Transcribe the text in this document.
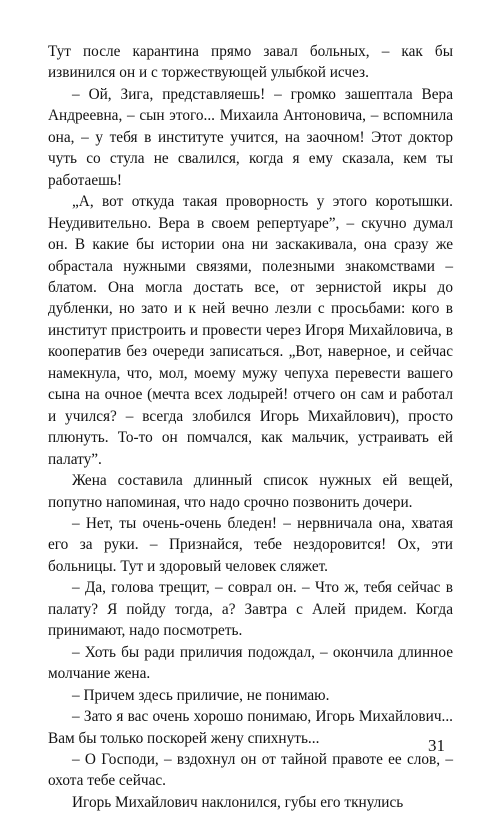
Тут после карантина прямо завал больных, – как бы извинился он и с торжествующей улыбкой исчез.

– Ой, Зига, представляешь! – громко зашептала Вера Андреевна, – сын этого... Михаила Антоновича, – вспомнила она, – у тебя в институте учится, на заочном! Этот доктор чуть со стула не свалился, когда я ему сказала, кем ты работаешь!

„А, вот откуда такая проворность у этого коротышки. Неудивительно. Вера в своем репертуаре”, – скучно думал он. В какие бы истории она ни заскакивала, она сразу же обрастала нужными связями, полезными знакомствами – блатом. Она могла достать все, от зернистой икры до дубленки, но зато и к ней вечно лезли с просьбами: кого в институт пристроить и провести через Игоря Михайловича, в кооператив без очереди записаться. „Вот, наверное, и сейчас намекнула, что, мол, моему мужу чепуха перевести вашего сына на очное (мечта всех лодырей! отчего он сам и работал и учился? – всегда злобился Игорь Михайлович), просто плюнуть. То-то он помчался, как мальчик, устраивать ей палату”.

Жена составила длинный список нужных ей вещей, попутно напоминая, что надо срочно позвонить дочери.

– Нет, ты очень-очень бледен! – нервничала она, хватая его за руки. – Признайся, тебе нездоровится! Ох, эти больницы. Тут и здоровый человек сляжет.

– Да, голова трещит, – соврал он. – Что ж, тебя сейчас в палату? Я пойду тогда, а? Завтра с Алей придем. Когда принимают, надо посмотреть.

– Хоть бы ради приличия подождал, – окончила длинное молчание жена.

– Причем здесь приличие, не понимаю.

– Зато я вас очень хорошо понимаю, Игорь Михайлович... Вам бы только поскорей жену спихнуть...

– О Господи, – вздохнул он от тайной правоте ее слов, – охота тебе сейчас.

Игорь Михайлович наклонился, губы его ткнулись

31
